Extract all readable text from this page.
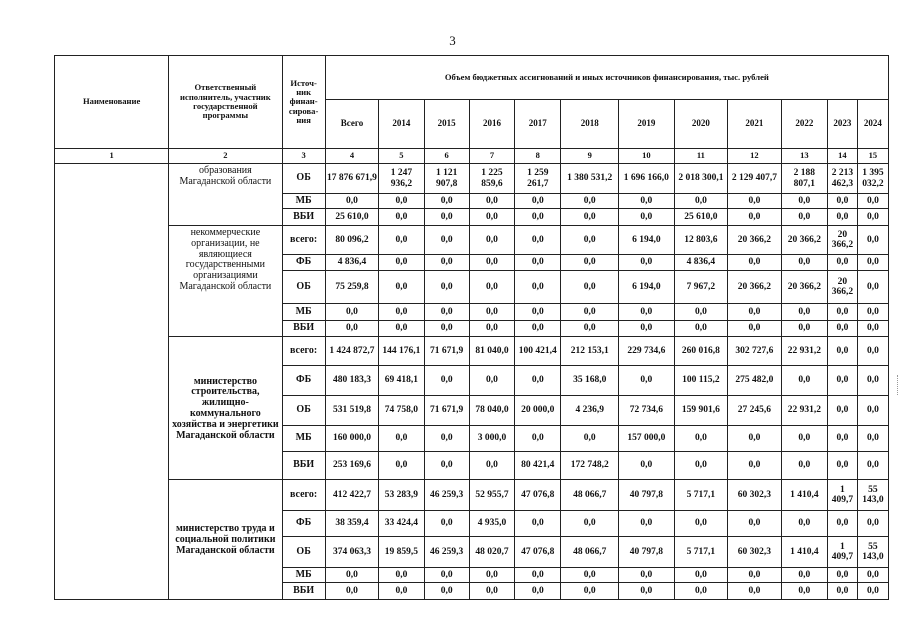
3
Наименование	Ответственный исполнитель, участник государственной программы	Источ-ник финан-сирова-ния	Объем бюджетных ассигнований и иных источников финансирования, тыс. рублей											
			Всего	2014	2015	2016	2017	2018	2019	2020	2021	2022	2023	2024
1	2	3	4	5	6	7	8	9	10	11	12	13	14	15
	образования Магаданской области	ОБ	17 876 671,9	1 247 936,2	1 121 907,8	1 225 859,6	1 259 261,7	1 380 531,2	1 696 166,0	2 018 300,1	2 129 407,7	2 188 807,1	2 213 462,3	1 395 032,2
		МБ	0,0	0,0	0,0	0,0	0,0	0,0	0,0	0,0	0,0	0,0	0,0	0,0
		ВБИ	25 610,0	0,0	0,0	0,0	0,0	0,0	0,0	25 610,0	0,0	0,0	0,0	0,0
	некоммерческие организации, не являющиеся государственными организациями Магаданской области	всего:	80 096,2	0,0	0,0	0,0	0,0	0,0	6 194,0	12 803,6	20 366,2	20 366,2	20 366,2	0,0
		ФБ	4 836,4	0,0	0,0	0,0	0,0	0,0	0,0	4 836,4	0,0	0,0	0,0	0,0
		ОБ	75 259,8	0,0	0,0	0,0	0,0	0,0	6 194,0	7 967,2	20 366,2	20 366,2	20 366,2	0,0
		МБ	0,0	0,0	0,0	0,0	0,0	0,0	0,0	0,0	0,0	0,0	0,0	0,0
		ВБИ	0,0	0,0	0,0	0,0	0,0	0,0	0,0	0,0	0,0	0,0	0,0	0,0
	министерство строительства, жилищно-коммунального хозяйства и энергетики Магаданской области	всего:	1 424 872,7	144 176,1	71 671,9	81 040,0	100 421,4	212 153,1	229 734,6	260 016,8	302 727,6	22 931,2	0,0	0,0
		ФБ	480 183,3	69 418,1	0,0	0,0	0,0	35 168,0	0,0	100 115,2	275 482,0	0,0	0,0	0,0
		ОБ	531 519,8	74 758,0	71 671,9	78 040,0	20 000,0	4 236,9	72 734,6	159 901,6	27 245,6	22 931,2	0,0	0,0
		МБ	160 000,0	0,0	0,0	3 000,0	0,0	0,0	157 000,0	0,0	0,0	0,0	0,0	0,0
		ВБИ	253 169,6	0,0	0,0	0,0	80 421,4	172 748,2	0,0	0,0	0,0	0,0	0,0	0,0
	министерство труда и социальной политики Магаданской области	всего:	412 422,7	53 283,9	46 259,3	52 955,7	47 076,8	48 066,7	40 797,8	5 717,1	60 302,3	1 410,4	1 409,7	55 143,0
		ФБ	38 359,4	33 424,4	0,0	4 935,0	0,0	0,0	0,0	0,0	0,0	0,0	0,0	0,0
		ОБ	374 063,3	19 859,5	46 259,3	48 020,7	47 076,8	48 066,7	40 797,8	5 717,1	60 302,3	1 410,4	1 409,7	55 143,0
		МБ	0,0	0,0	0,0	0,0	0,0	0,0	0,0	0,0	0,0	0,0	0,0	0,0
		ВБИ	0,0	0,0	0,0	0,0	0,0	0,0	0,0	0,0	0,0	0,0	0,0	0,0
